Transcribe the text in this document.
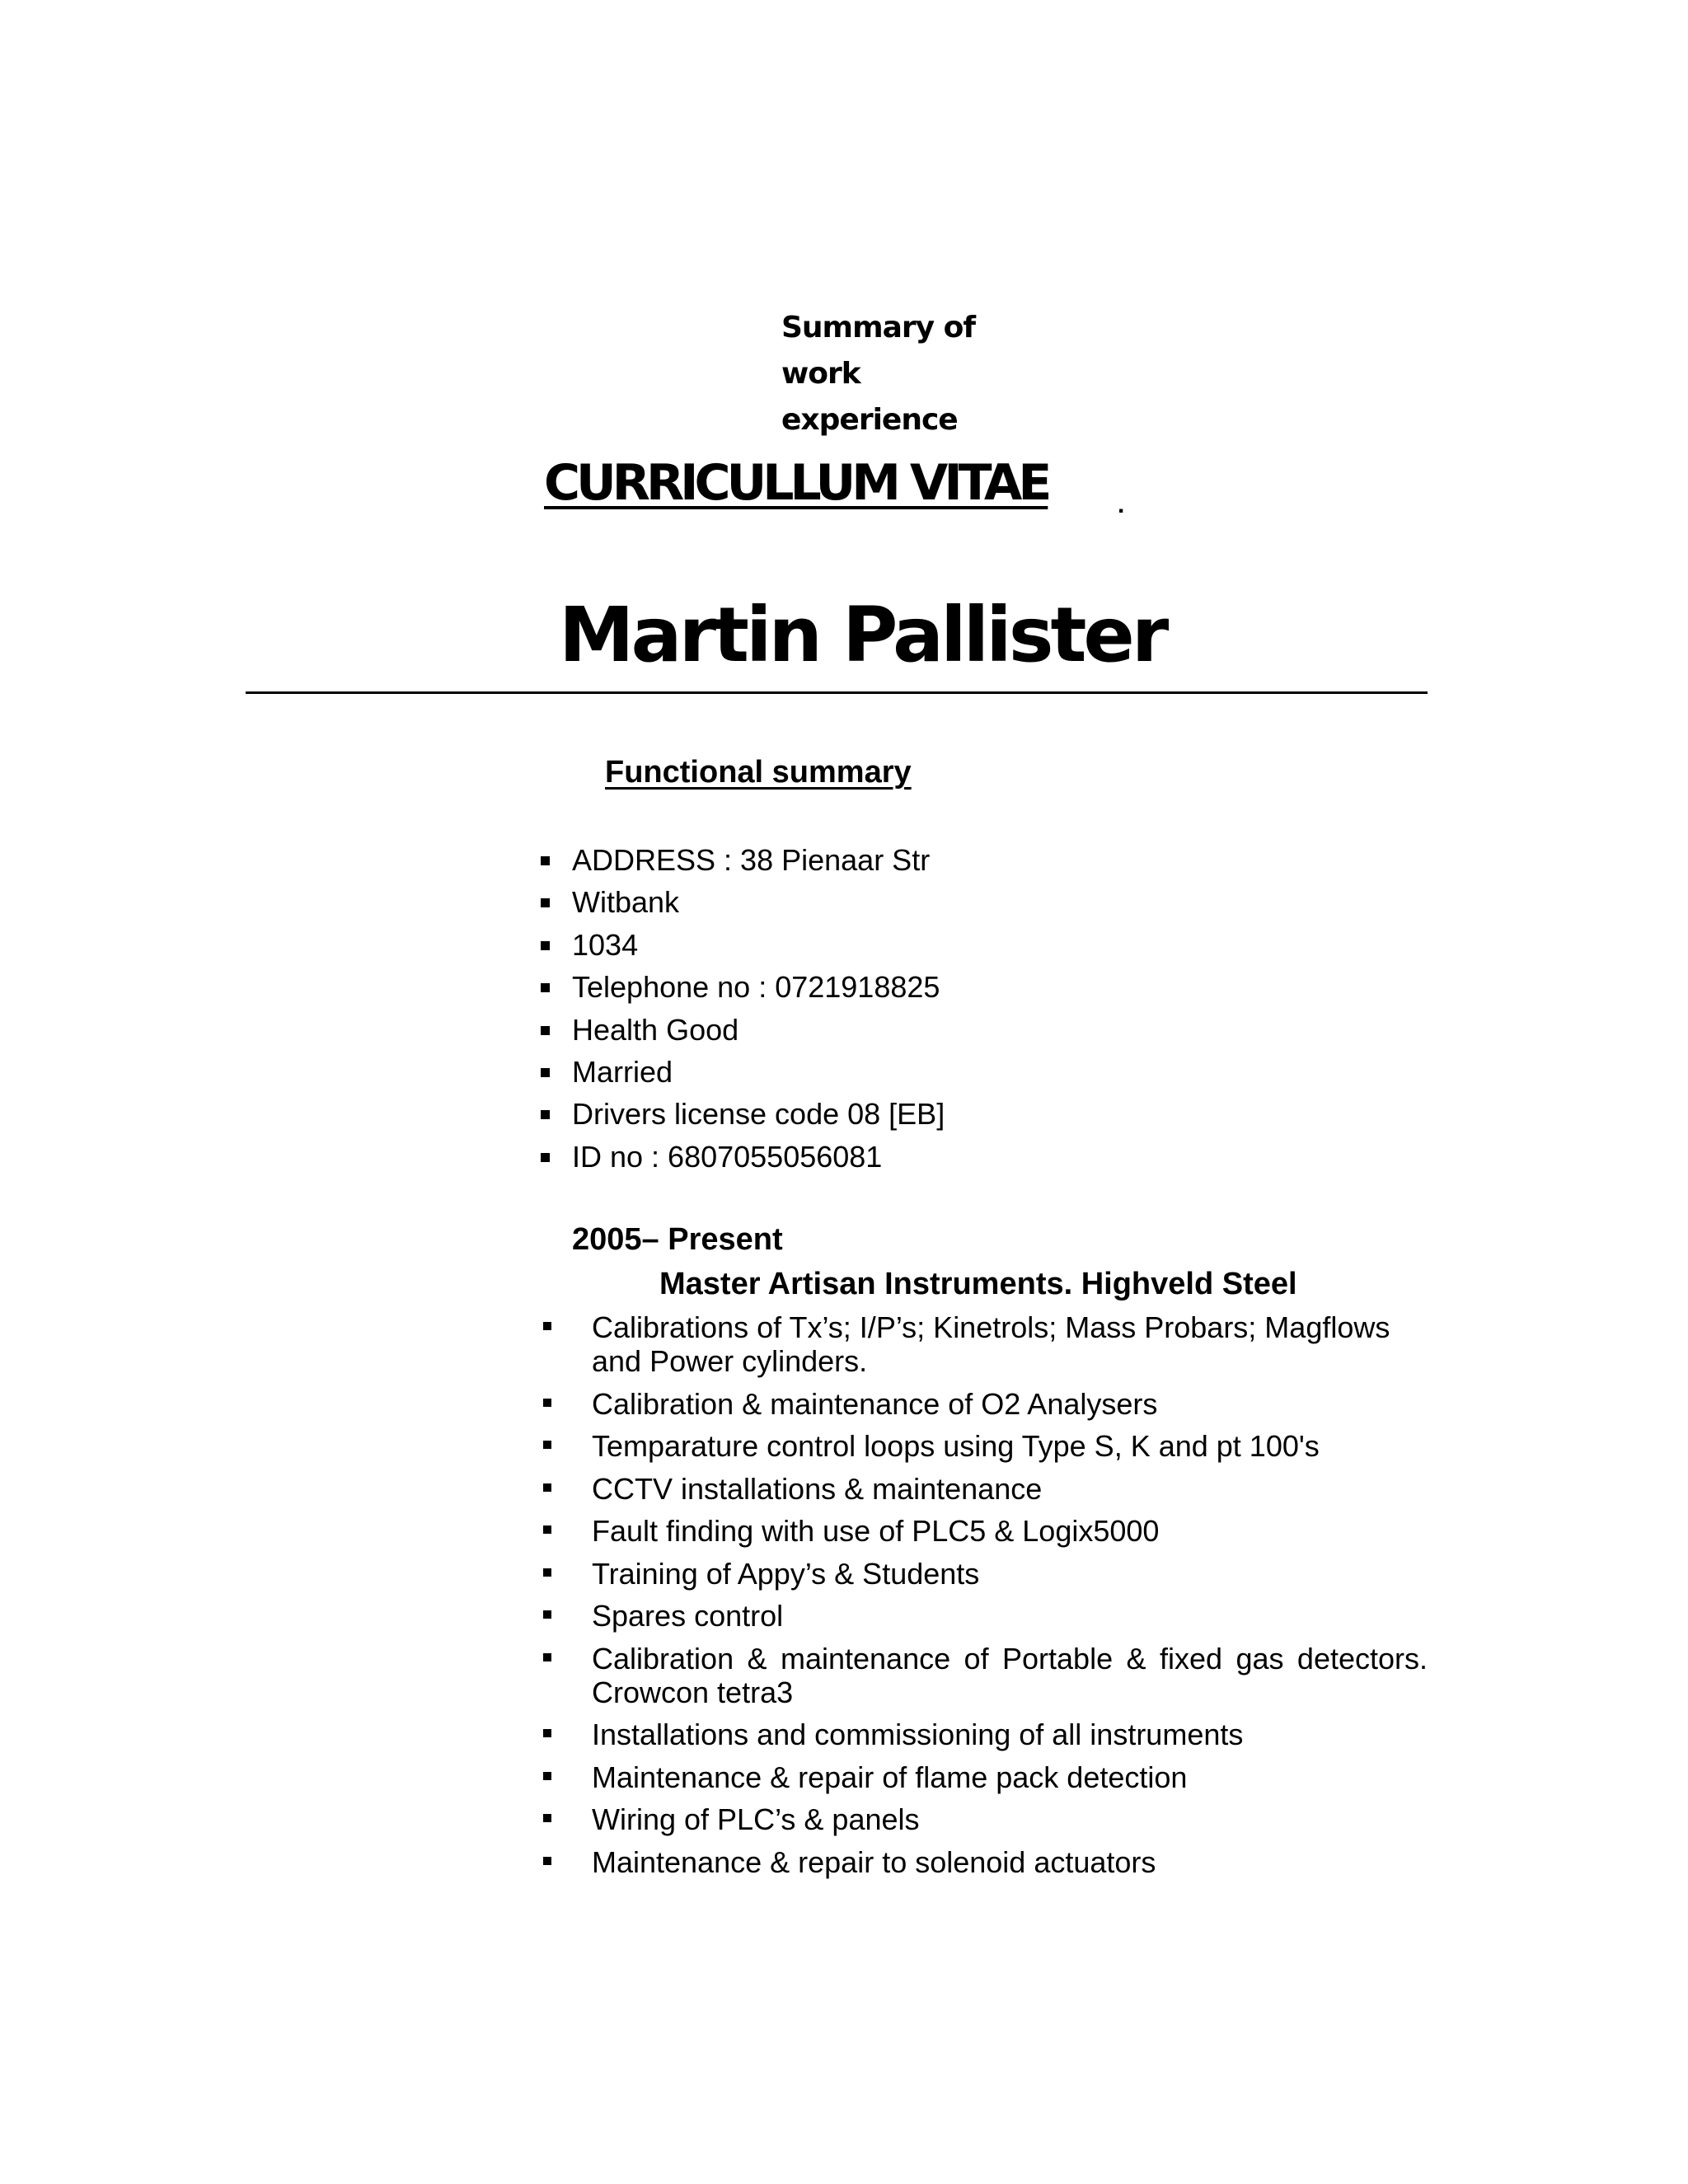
Summary of
work
experience
CURRICULLUM VITAE	.
Martin Pallister
Functional summary
ADDRESS : 38 Pienaar Str
Witbank
1034
Telephone no : 0721918825
Health Good
Married
Drivers license code 08 [EB]
ID no : 6807055056081
2005– Present
Master Artisan Instruments. Highveld Steel
Calibrations of Tx’s; I/P’s; Kinetrols; Mass Probars; Magflows and Power cylinders.
Calibration & maintenance of O2 Analysers
Temparature control loops using Type S, K and pt 100's
CCTV installations & maintenance
Fault finding with use of PLC5 & Logix5000
Training of Appy’s & Students
Spares control
Calibration & maintenance of Portable & fixed gas detectors. Crowcon tetra3
Installations and commissioning of all instruments
Maintenance & repair of flame pack detection
Wiring of PLC’s & panels
Maintenance & repair to solenoid actuators
